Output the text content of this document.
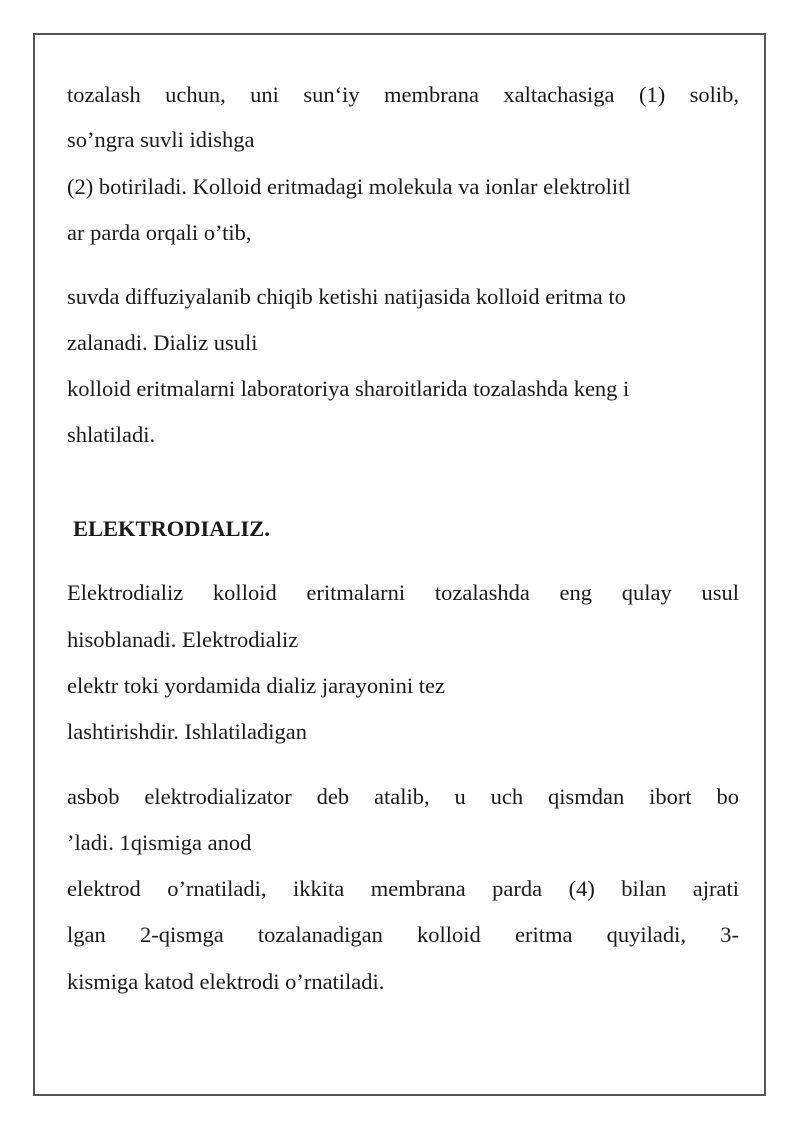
tozalash uchun, uni sun‘iy membrana xaltachasiga (1) solib,
so’ngra suvli idishga
(2) botiriladi. Kolloid eritmadagi molekula va ionlar elektrolitl
ar parda orqali o’tib,
suvda diffuziyalanib chiqib ketishi natijasida kolloid eritma to
zalanadi. Dializ usuli
kolloid eritmalarni laboratoriya sharoitlarida tozalashda keng i
shlatiladi.
ELEKTRODIALIZ.
Elektrodializ kolloid eritmalarni tozalashda eng qulay usul
hisoblanadi. Elektrodializ
elektr toki yordamida dializ jarayonini tez
lashtirishdir. Ishlatiladigan
asbob elektrodializator deb atalib, u uch qismdan ibort bo
’ladi. 1qismiga anod
elektrod o’rnatiladi, ikkita membrana parda (4) bilan ajrati
lgan 2-qismga tozalanadigan kolloid eritma quyiladi, 3-
kismiga katod elektrodi o’rnatiladi.
